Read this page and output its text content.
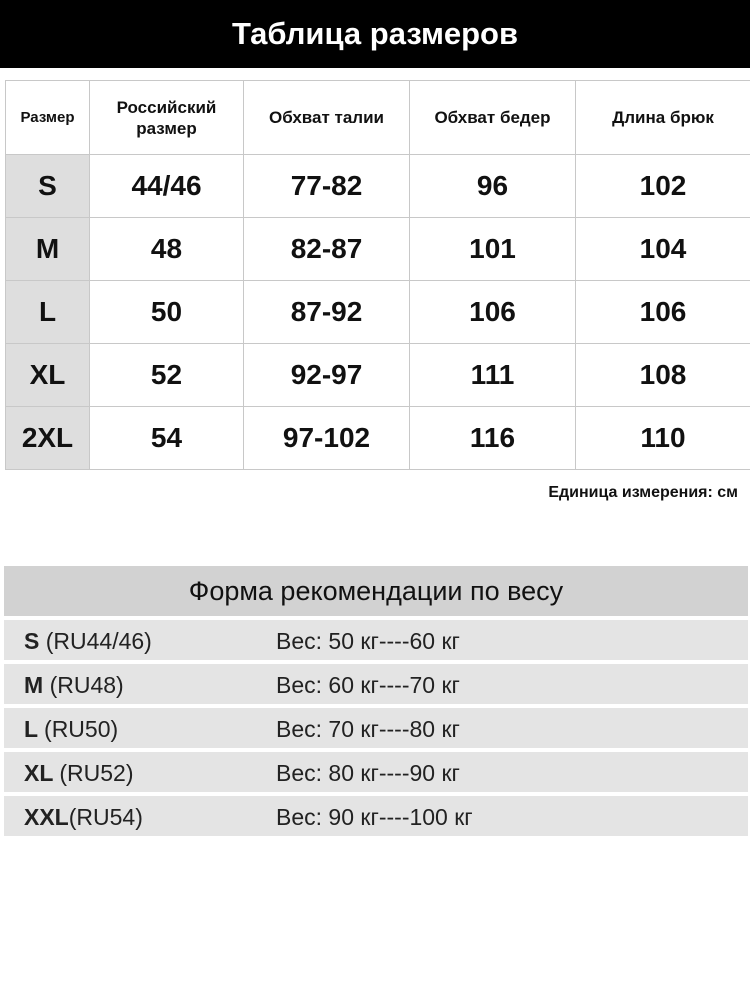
Таблица размеров
Размер	Российский размер	Обхват талии	Обхват бедер	Длина брюк
S	44/46	77-82	96	102
M	48	82-87	101	104
L	50	87-92	106	106
XL	52	92-97	111	108
2XL	54	97-102	116	110
Единица измерения: см
Форма рекомендации по весу
S (RU44/46)	Вес: 50 кг----60 кг
M (RU48)	Вес: 60 кг----70 кг
L (RU50)	Вес: 70 кг----80 кг
XL (RU52)	Вес: 80 кг----90 кг
XXL(RU54)	Вес: 90 кг----100 кг
